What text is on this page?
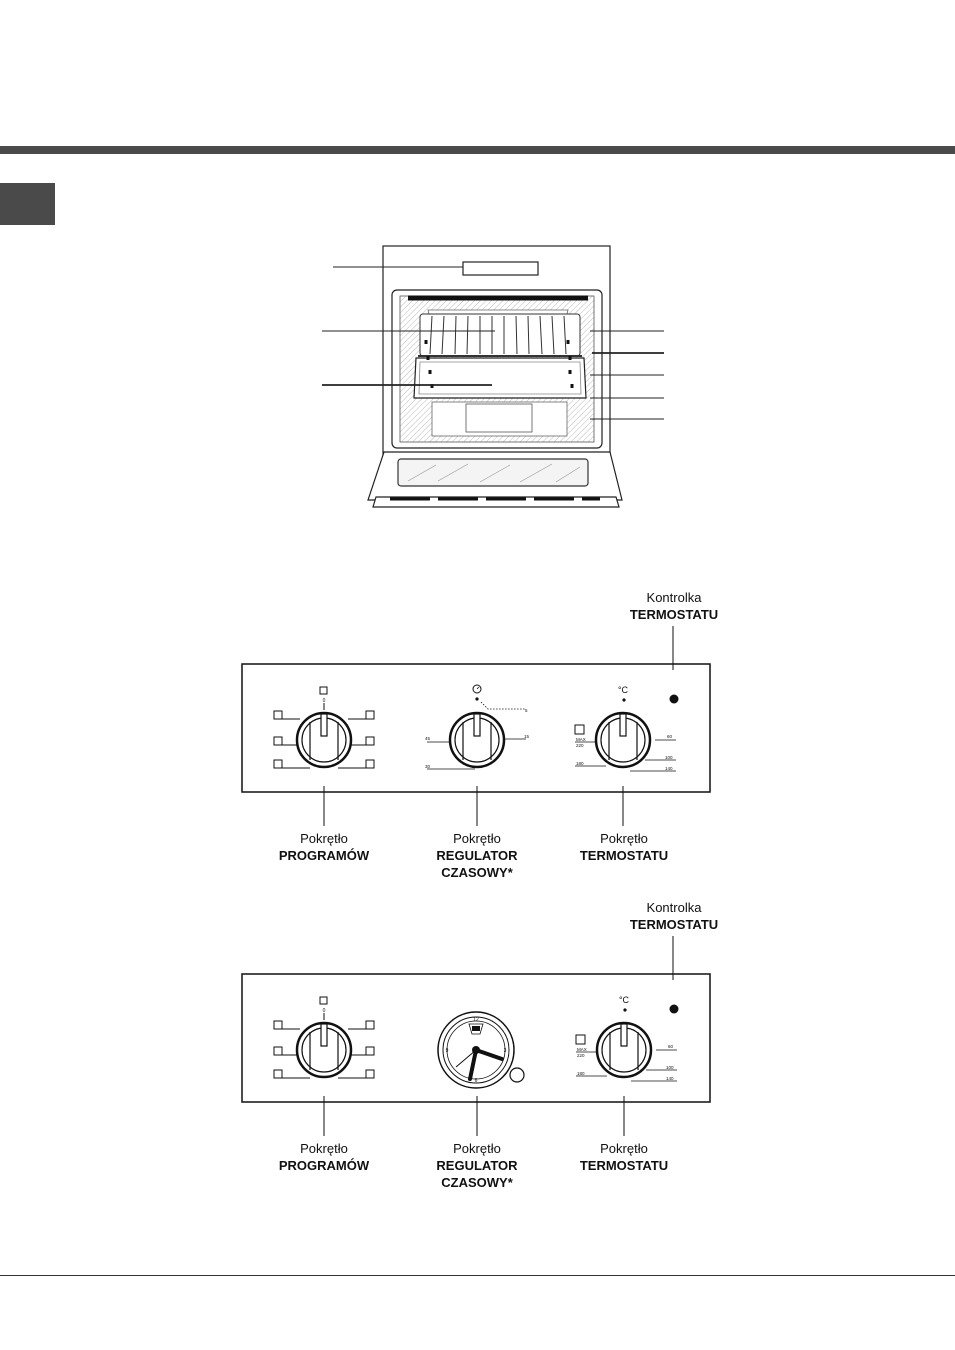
0
5
15
45
30
°C
MAX
220
180
60
100
140
0
12
3
6
9
°C
MAX
220
180
60
100
140
Kontrolka
TERMOSTATU
Pokrętło
PROGRAMÓW
Pokrętło
REGULATOR
CZASOWY*
Pokrętło
TERMOSTATU
Kontrolka
TERMOSTATU
Pokrętło
PROGRAMÓW
Pokrętło
REGULATOR
CZASOWY*
Pokrętło
TERMOSTATU
